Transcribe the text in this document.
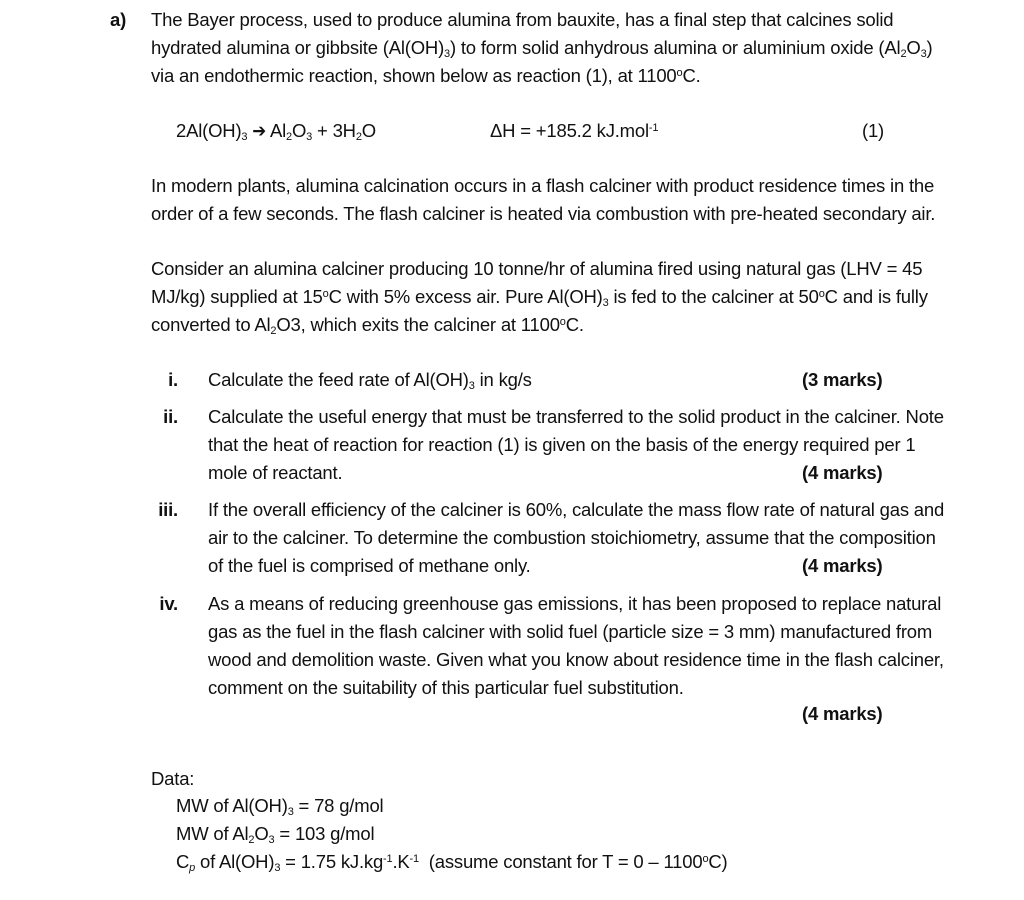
a) The Bayer process, used to produce alumina from bauxite, has a final step that calcines solid
hydrated alumina or gibbsite $(Al(OH)_3)$ to form solid anhydrous alumina or aluminium oxide $(Al_2O_3)$
via an endothermic reaction, shown below as reaction (1), at 1100$^o$C.
$2Al(OH)_3$ ➔ $Al_2O_3 + 3H_2O$	ΔH = +185.2 kJ.mol$^{-1}$	(1)
In modern plants, alumina calcination occurs in a flash calciner with product residence times in the
order of a few seconds. The flash calciner is heated via combustion with pre-heated secondary air.
Consider an alumina calciner producing 10 tonne/hr of alumina fired using natural gas (LHV = 45
MJ/kg) supplied at 15$^o$C with 5% excess air. Pure $Al(OH)_3$ is fed to the calciner at 50$^o$C and is fully
converted to $Al_2O3$, which exits the calciner at 1100$^o$C.
i. Calculate the feed rate of $Al(OH)_3$ in kg/s	(3 marks)
ii. Calculate the useful energy that must be transferred to the solid product in the calciner. Note
that the heat of reaction for reaction (1) is given on the basis of the energy required per 1
mole of reactant.	(4 marks)
iii. If the overall efficiency of the calciner is 60%, calculate the mass flow rate of natural gas and
air to the calciner. To determine the combustion stoichiometry, assume that the composition
of the fuel is comprised of methane only.	(4 marks)
iv. As a means of reducing greenhouse gas emissions, it has been proposed to replace natural
gas as the fuel in the flash calciner with solid fuel (particle size = 3 mm) manufactured from
wood and demolition waste. Given what you know about residence time in the flash calciner,
comment on the suitability of this particular fuel substitution.
(4 marks)
Data:
MW of $Al(OH)_3 = 78$ g/mol
MW of $Al_2O_3 = 103$ g/mol
$C_p$ of $Al(OH)_3 = 1.75$ $kJ.kg^{-1}.K^{-1}$  (assume constant for T = 0 – 1100$^o$C)
